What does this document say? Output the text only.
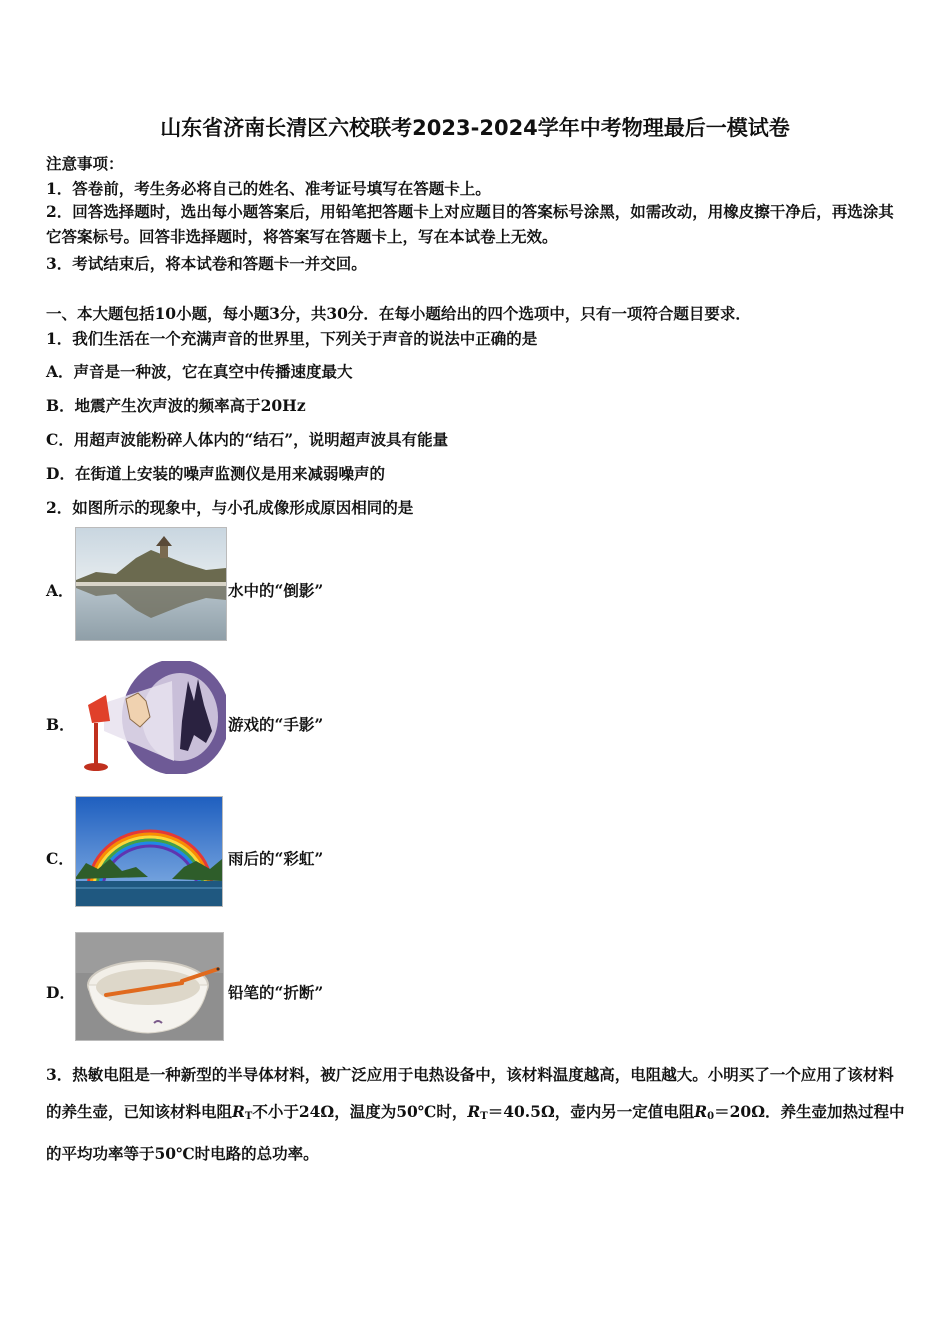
山东省济南长清区六校联考2023-2024学年中考物理最后一模试卷
注意事项：
1．答卷前，考生务必将自己的姓名、准考证号填写在答题卡上。
2．回答选择题时，选出每小题答案后，用铅笔把答题卡上对应题目的答案标号涂黑，如需改动，用橡皮擦干净后，再选涂其它答案标号。回答非选择题时，将答案写在答题卡上，写在本试卷上无效。
3．考试结束后，将本试卷和答题卡一并交回。
一、本大题包括10小题，每小题3分，共30分．在每小题给出的四个选项中，只有一项符合题目要求．
1．我们生活在一个充满声音的世界里，下列关于声音的说法中正确的是
A．声音是一种波，它在真空中传播速度最大
B．地震产生次声波的频率高于20Hz
C．用超声波能粉碎人体内的“结石”，说明超声波具有能量
D．在街道上安装的噪声监测仪是用来减弱噪声的
2．如图所示的现象中，与小孔成像形成原因相同的是
A．	水中的“倒影”
B．	游戏的“手影”
C．	雨后的“彩虹”
D．	铅笔的“折断”
3．热敏电阻是一种新型的半导体材料，被广泛应用于电热设备中，该材料温度越高，电阻越大。小明买了一个应用了该材料的养生壶，已知该材料电阻$R_T$不小于24Ω，温度为50℃时，$R_T=40.5\Omega$，壶内另一定值电阻$R_0=20\Omega$．养生壶加热过程中的平均功率等于50℃时电路的总功率。
